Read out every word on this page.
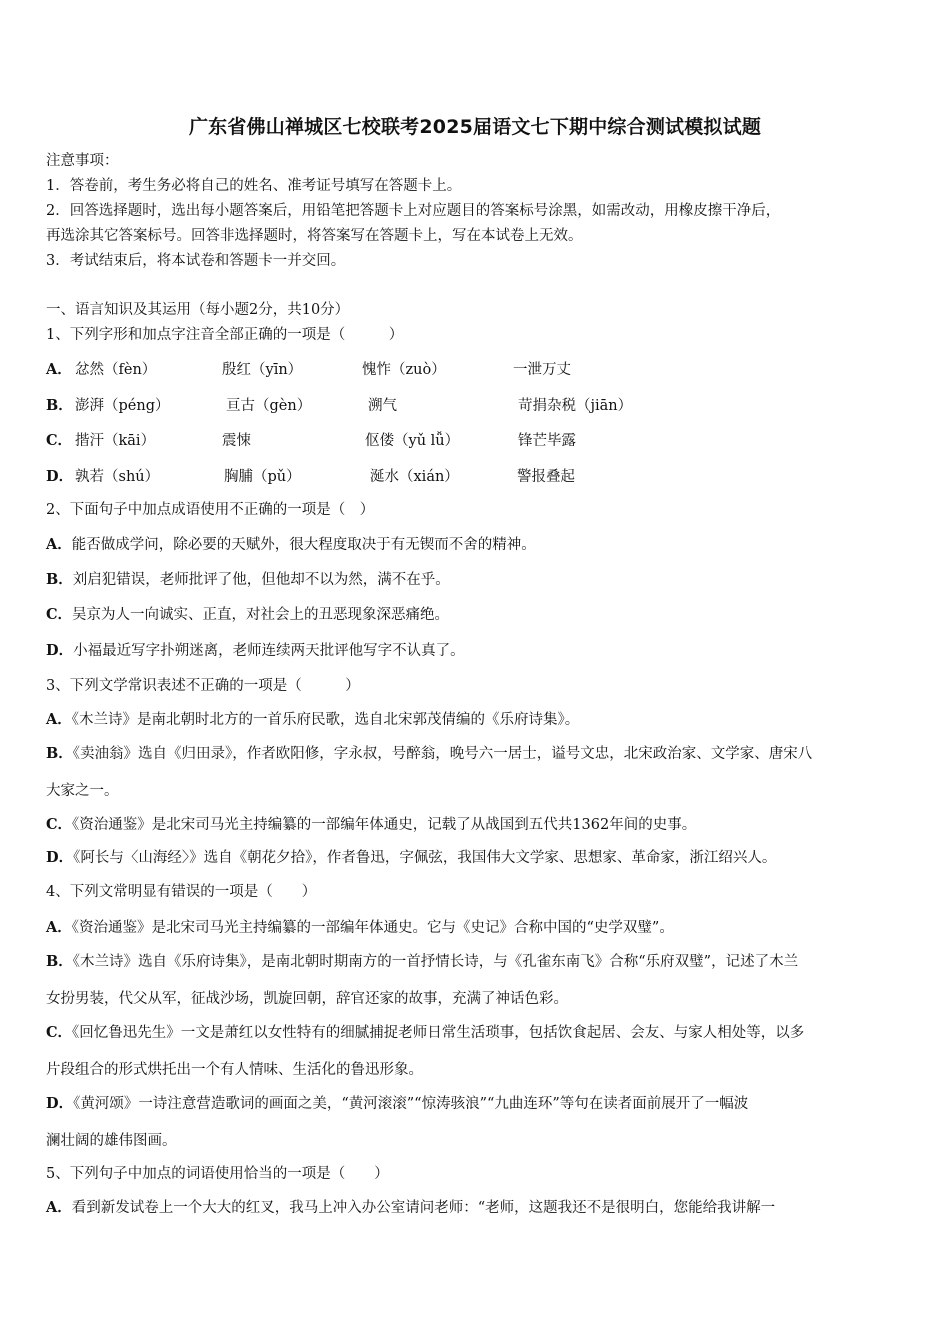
广东省佛山禅城区七校联考2025届语文七下期中综合测试模拟试题
注意事项：
1．答卷前，考生务必将自己的姓名、准考证号填写在答题卡上。
2．回答选择题时，选出每小题答案后，用铅笔把答题卡上对应题目的答案标号涂黑，如需改动，用橡皮擦干净后，
再选涂其它答案标号。回答非选择题时，将答案写在答题卡上，写在本试卷上无效。
3．考试结束后，将本试卷和答题卡一并交回。
一、语言知识及其运用（每小题2分，共10分）
1、下列字形和加点字注音全部正确的一项是（　　　）
A． 忿然（fèn）	殷红（yīn）	愧怍（zuò）	一泄万丈
B． 澎湃（péng）	亘古（gèn）	溯气	苛捐杂税（jiān）
C． 揩汗（kāi）	震悚	伛偻（yǔ lǚ）	锋芒毕露
D． 孰若（shú）	胸脯（pǔ）	涎水（xián）	警报叠起
2、下面句子中加点成语使用不正确的一项是（　）
A．能否做成学问，除必要的天赋外，很大程度取决于有无锲而不舍的精神。
B．刘启犯错误，老师批评了他，但他却不以为然，满不在乎。
C．吴京为人一向诚实、正直，对社会上的丑恶现象深恶痛绝。
D．小福最近写字扑朔迷离，老师连续两天批评他写字不认真了。
3、下列文学常识表述不正确的一项是（　　　）
A．《木兰诗》是南北朝时北方的一首乐府民歌，选自北宋郭茂倩编的《乐府诗集》。
B．《卖油翁》选自《归田录》，作者欧阳修，字永叔，号醉翁，晚号六一居士，谥号文忠，北宋政治家、文学家、唐宋八
大家之一。
C．《资治通鉴》是北宋司马光主持编纂的一部编年体通史，记载了从战国到五代共1362年间的史事。
D．《阿长与〈山海经〉》选自《朝花夕拾》，作者鲁迅，字佩弦，我国伟大文学家、思想家、革命家，浙江绍兴人。
4、下列文常明显有错误的一项是（　　）
A．《资治通鉴》是北宋司马光主持编纂的一部编年体通史。它与《史记》合称中国的“史学双璧”。
B．《木兰诗》选自《乐府诗集》，是南北朝时期南方的一首抒情长诗，与《孔雀东南飞》合称“乐府双璧”，记述了木兰
女扮男装，代父从军，征战沙场，凯旋回朝，辞官还家的故事，充满了神话色彩。
C．《回忆鲁迅先生》一文是萧红以女性特有的细腻捕捉老师日常生活琐事，包括饮食起居、会友、与家人相处等，以多
片段组合的形式烘托出一个有人情味、生活化的鲁迅形象。
D．《黄河颂》一诗注意营造歌词的画面之美，“黄河滚滚”“惊涛骇浪”“九曲连环”等句在读者面前展开了一幅波
澜壮阔的雄伟图画。
5、下列句子中加点的词语使用恰当的一项是（　　）
A．看到新发试卷上一个大大的红叉，我马上冲入办公室请问老师：“老师，这题我还不是很明白，您能给我讲解一
